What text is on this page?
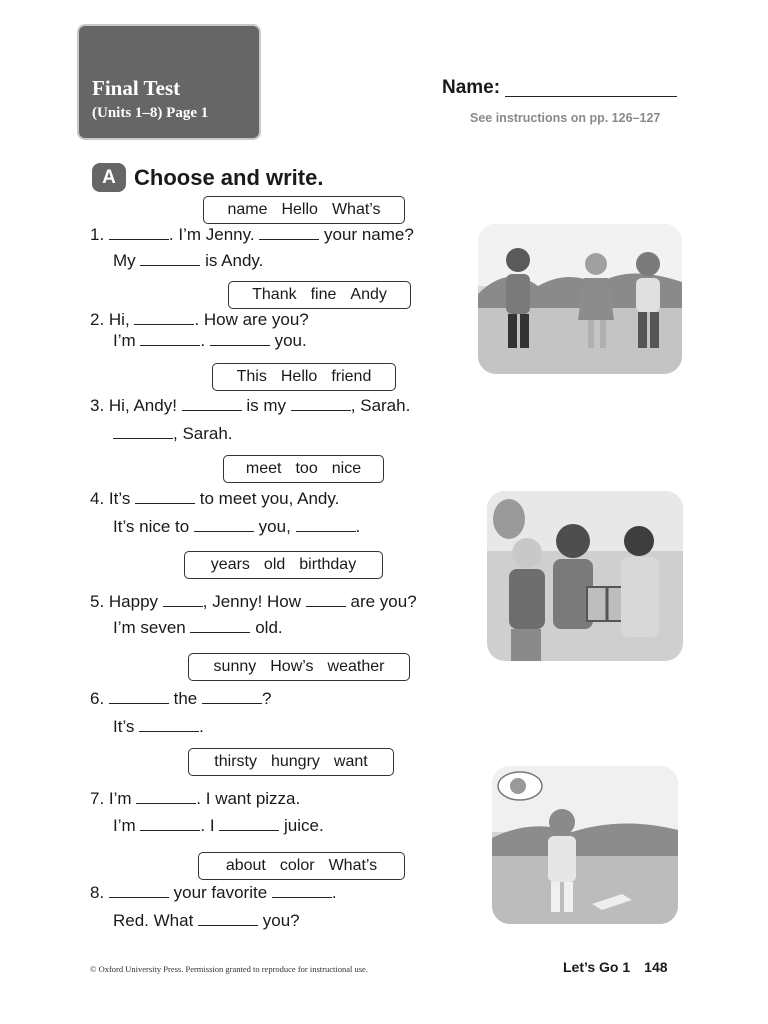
Final Test
(Units 1–8) Page 1
Name:
See instructions on pp. 126–127
A Choose and write.
name Hello What’s
1.	. I’m Jenny.	your name?
My	is Andy.
Thank fine Andy
2. Hi,	. How are you?
I’m	.	you.
This Hello friend
3. Hi, Andy!	is my	, Sarah.
, Sarah.
meet too nice
4. It’s	to meet you, Andy.
It’s nice to	you,	.
years old birthday
5. Happy , Jenny! How  are you?
I’m seven	old.
sunny How’s weather
6.	the	?
It’s	.
thirsty hungry want
7. I’m	. I want pizza.
I’m	. I	juice.
about color What’s
8.	your favorite	.
Red. What	you?
© Oxford University Press. Permission granted to reproduce for instructional use.	Let’s Go 1 148
